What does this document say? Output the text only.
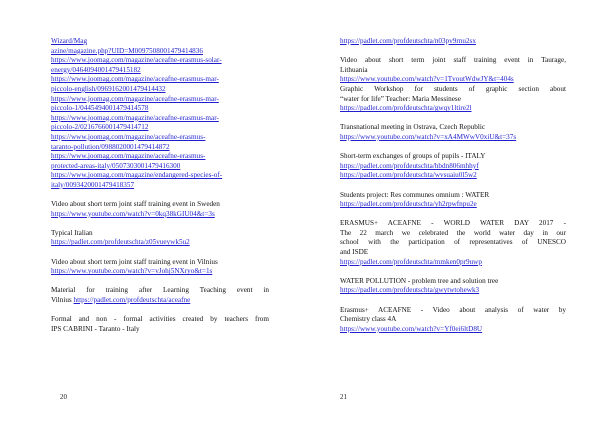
Wizard/Mag
azine/magazine.php?UID=M0097508001479414836
https://www.joomag.com/magazine/aceafne-erasmus-solar-
energy/0464094001479415182
https://www.joomag.com/magazine/aceafne-erasmus-mar-
piccolo-english/0969162001479414432
https://www.joomag.com/magazine/aceafne-erasmus-mar-
piccolo-1/0445494001479414578
https://www.joomag.com/magazine/aceafne-erasmus-mar-
piccolo-2/0216766001479414712
https://www.joomag.com/magazine/aceafne-erasmus-
taranto-pollution/0988020001479414872
https://www.joomag.com/magazine/aceafne-erasmus-
protected-areas-italy/0507303001479416300
https://www.joomag.com/magazine/endangered-species-of-
italy/0093420001479418357
Video about short term joint staff training event in Sweden
https://www.youtube.com/watch?v=0kq38kGIU04&t=3s
Typical Italian
https://padlet.com/profdeutschta/z05vueywk5u2
Video about short term joint staff training event in Vilnius
https://www.youtube.com/watch?v=vJohj5NXryo&t=1s
Material for training after Learning Teaching event in
Vilnius https://padlet.com/profdeutschta/aceafne
Formal and non - formal activities created by teachers from
IPS CABRINI - Taranto - Italy
20
https://padlet.com/profdeutschta/n03pv9rnu2sx
Video about short term joint staff training event in Taurage,
Lithuania
https://www.youtube.com/watch?v=1TvoutWdwJY&t=404s
Graphic Workshop for students of graphic section about
“water for life” Teacher: Maria Messinese
https://padlet.com/profdeutschta/gwqy1ltire2l
Transnational meeting in Ostrava, Czech Republic
https://www.youtube.com/watch?v=xA4MWwV0xiU&t=37s
Short-term exchanges of groups of pupils - ITALY
https://padlet.com/profdeutschta/hbdn806mhhyf
https://padlet.com/profdeutschta/wvsuaiu0l5w2
Students project: Res communes omnium : WATER
https://padlet.com/profdeutschta/yh2rpwfnpu2e
ERASMUS+ ACEAFNE - WORLD WATER DAY 2017 -
The 22 march we celebrated the world water day in our
school with the participation of representatives of UNESCO
and ISDE
https://padlet.com/profdeutschta/mmken0pr9uwp
WATER POLLUTION - problem tree and solution tree
https://padlet.com/profdeutschta/gwytwtohewk3
Erasmus+ ACEAFNE - Video about analysis of water by
Chemistry class 4A
https://www.youtube.com/watch?v=Yf0ei6ltD8U
21
